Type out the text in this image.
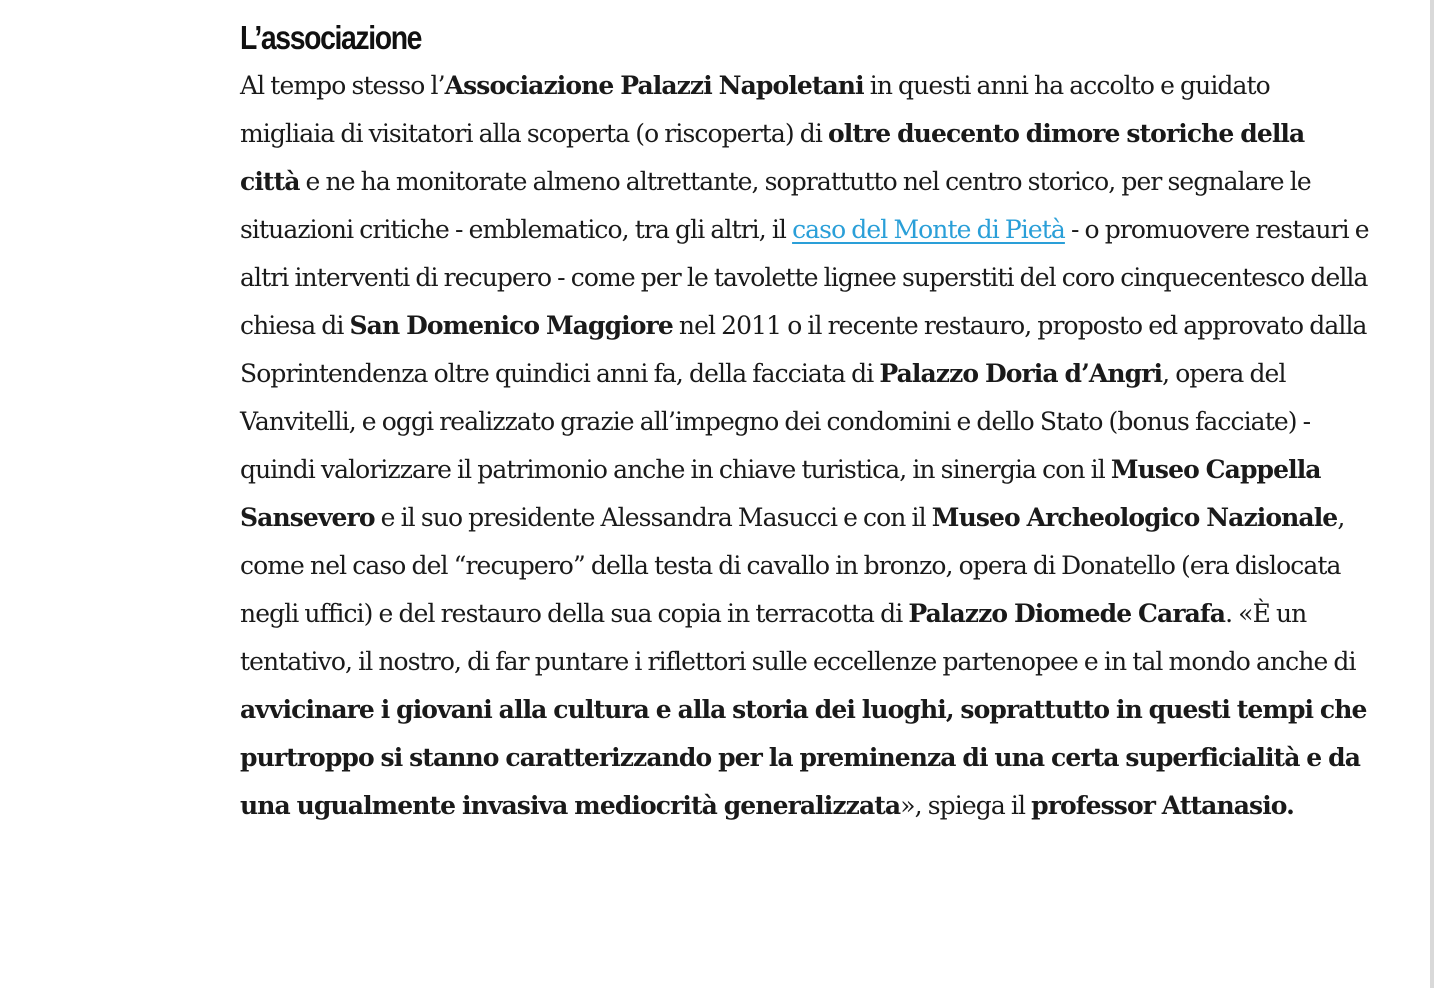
L’associazione

Al tempo stesso l’Associazione Palazzi Napoletani in questi anni ha accolto e guidato migliaia di visitatori alla scoperta (o riscoperta) di oltre duecento dimore storiche della città e ne ha monitorate almeno altrettante, soprattutto nel centro storico, per segnalare le situazioni critiche - emblematico, tra gli altri, il caso del Monte di Pietà - o promuovere restauri e altri interventi di recupero - come per le tavolette lignee superstiti del coro cinquecentesco della chiesa di San Domenico Maggiore nel 2011 o il recente restauro, proposto ed approvato dalla Soprintendenza oltre quindici anni fa, della facciata di Palazzo Doria d’Angri, opera del Vanvitelli, e oggi realizzato grazie all’impegno dei condomini e dello Stato (bonus facciate) - quindi valorizzare il patrimonio anche in chiave turistica, in sinergia con il Museo Cappella Sansevero e il suo presidente Alessandra Masucci e con il Museo Archeologico Nazionale, come nel caso del “recupero” della testa di cavallo in bronzo, opera di Donatello (era dislocata negli uffici) e del restauro della sua copia in terracotta di Palazzo Diomede Carafa. «È un tentativo, il nostro, di far puntare i riflettori sulle eccellenze partenopee e in tal mondo anche di avvicinare i giovani alla cultura e alla storia dei luoghi, soprattutto in questi tempi che purtroppo si stanno caratterizzando per la preminenza di una certa superficialità e da una ugualmente invasiva mediocrità generalizzata», spiega il professor Attanasio.
